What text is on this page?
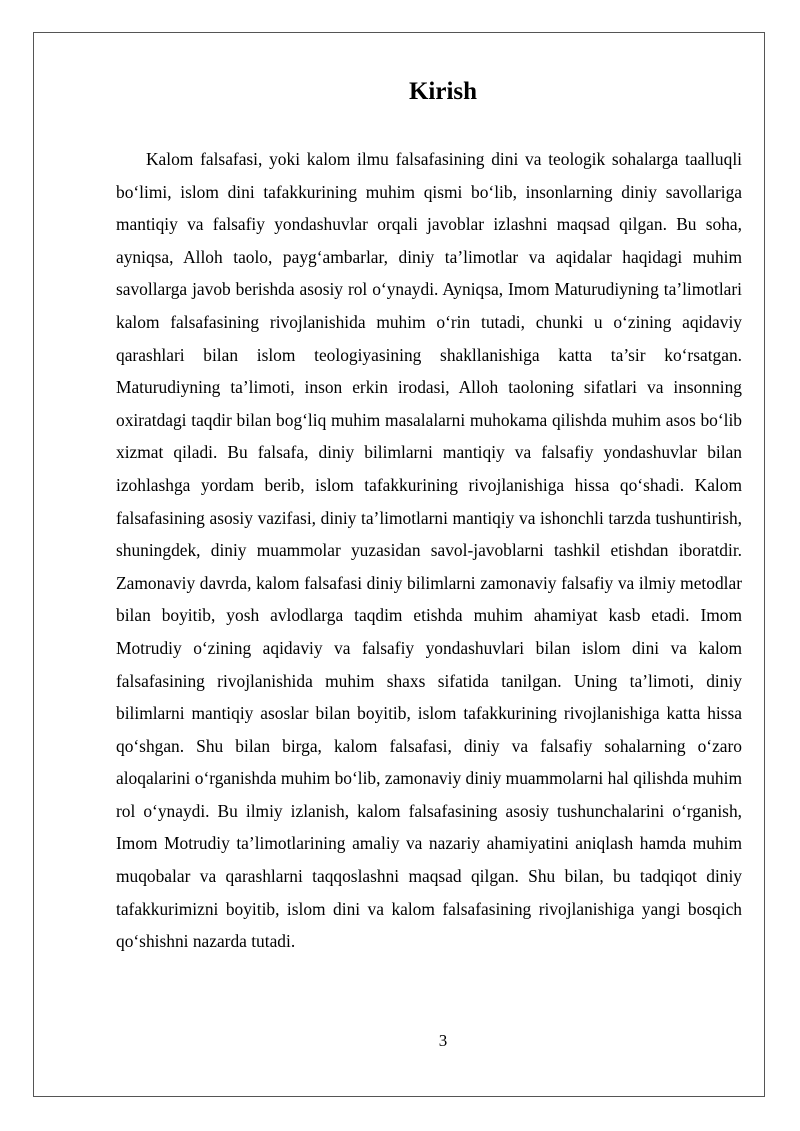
Kirish

Kalom falsafasi, yoki kalom ilmu falsafasining dini va teologik sohalarga taalluqli bo‘limi, islom dini tafakkurining muhim qismi bo‘lib, insonlarning diniy savollariga mantiqiy va falsafiy yondashuvlar orqali javoblar izlashni maqsad qilgan. Bu soha, ayniqsa, Alloh taolo, payg‘ambarlar, diniy ta’limotlar va aqidalar haqidagi muhim savollarga javob berishda asosiy rol o‘ynaydi. Ayniqsa, Imom Maturudiyning ta’limotlari kalom falsafasining rivojlanishida muhim o‘rin tutadi, chunki u o‘zining aqidaviy qarashlari bilan islom teologiyasining shakllanishiga katta ta’sir ko‘rsatgan. Maturudiyning ta’limoti, inson erkin irodasi, Alloh taoloning sifatlari va insonning oxiratdagi taqdir bilan bog‘liq muhim masalalarni muhokama qilishda muhim asos bo‘lib xizmat qiladi. Bu falsafa, diniy bilimlarni mantiqiy va falsafiy yondashuvlar bilan izohlashga yordam berib, islom tafakkurining rivojlanishiga hissa qo‘shadi. Kalom falsafasining asosiy vazifasi, diniy ta’limotlarni mantiqiy va ishonchli tarzda tushuntirish, shuningdek, diniy muammolar yuzasidan savol-javoblarni tashkil etishdan iboratdir. Zamonaviy davrda, kalom falsafasi diniy bilimlarni zamonaviy falsafiy va ilmiy metodlar bilan boyitib, yosh avlodlarga taqdim etishda muhim ahamiyat kasb etadi. Imom Motrudiy o‘zining aqidaviy va falsafiy yondashuvlari bilan islom dini va kalom falsafasining rivojlanishida muhim shaxs sifatida tanilgan. Uning ta’limoti, diniy bilimlarni mantiqiy asoslar bilan boyitib, islom tafakkurining rivojlanishiga katta hissa qo‘shgan. Shu bilan birga, kalom falsafasi, diniy va falsafiy sohalarning o‘zaro aloqalarini o‘rganishda muhim bo‘lib, zamonaviy diniy muammolarni hal qilishda muhim rol o‘ynaydi. Bu ilmiy izlanish, kalom falsafasining asosiy tushunchalarini o‘rganish, Imom Motrudiy ta’limotlarining amaliy va nazariy ahamiyatini aniqlash hamda muhim muqobalar va qarashlarni taqqoslashni maqsad qilgan. Shu bilan, bu tadqiqot diniy tafakkurimizni boyitib, islom dini va kalom falsafasining rivojlanishiga yangi bosqich qo‘shishni nazarda tutadi.

3
